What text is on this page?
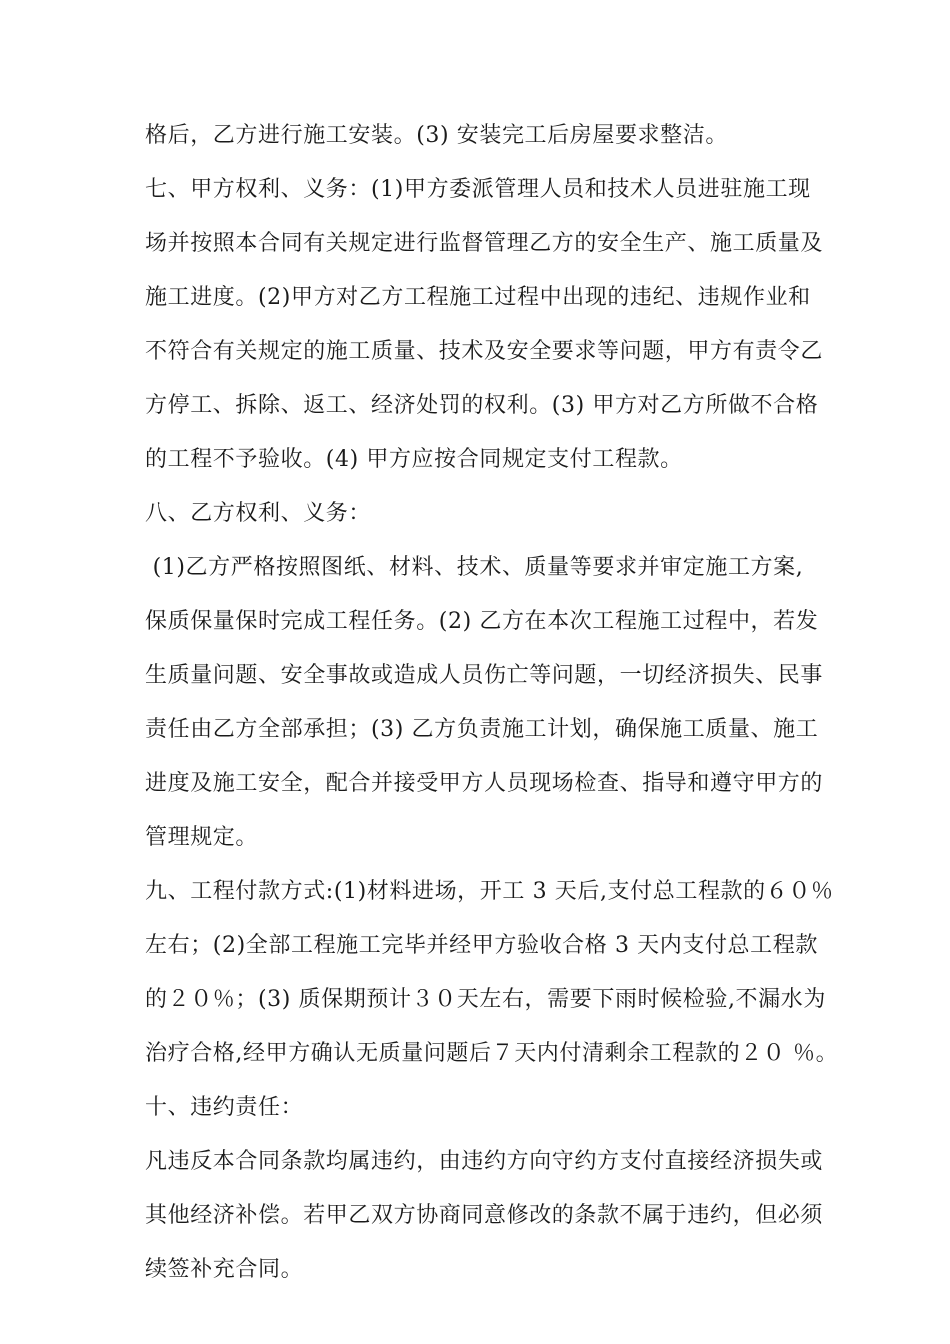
格后，乙方进行施工安装。(3) 安装完工后房屋要求整洁。
七、甲方权利、义务：(1)甲方委派管理人员和技术人员进驻施工现
场并按照本合同有关规定进行监督管理乙方的安全生产、施工质量及
施工进度。(2)甲方对乙方工程施工过程中出现的违纪、违规作业和
不符合有关规定的施工质量、技术及安全要求等问题，甲方有责令乙
方停工、拆除、返工、经济处罚的权利。(3) 甲方对乙方所做不合格
的工程不予验收。(4) 甲方应按合同规定支付工程款。
八、乙方权利、义务：
(1)乙方严格按照图纸、材料、技术、质量等要求并审定施工方案,
保质保量保时完成工程任务。(2) 乙方在本次工程施工过程中，若发
生质量问题、安全事故或造成人员伤亡等问题，一切经济损失、民事
责任由乙方全部承担；(3) 乙方负责施工计划，确保施工质量、施工
进度及施工安全，配合并接受甲方人员现场检查、指导和遵守甲方的
管理规定。
九、工程付款方式:(1)材料进场，开工 3 天后,支付总工程款的６０％
左右；(2)全部工程施工完毕并经甲方验收合格 3 天内支付总工程款
的２０％；(3) 质保期预计３０天左右，需要下雨时候检验,不漏水为
治疗合格,经甲方确认无质量问题后７天内付清剩余工程款的２０ ％。
十、违约责任：
凡违反本合同条款均属违约，由违约方向守约方支付直接经济损失或
其他经济补偿。若甲乙双方协商同意修改的条款不属于违约，但必须
续签补充合同。
